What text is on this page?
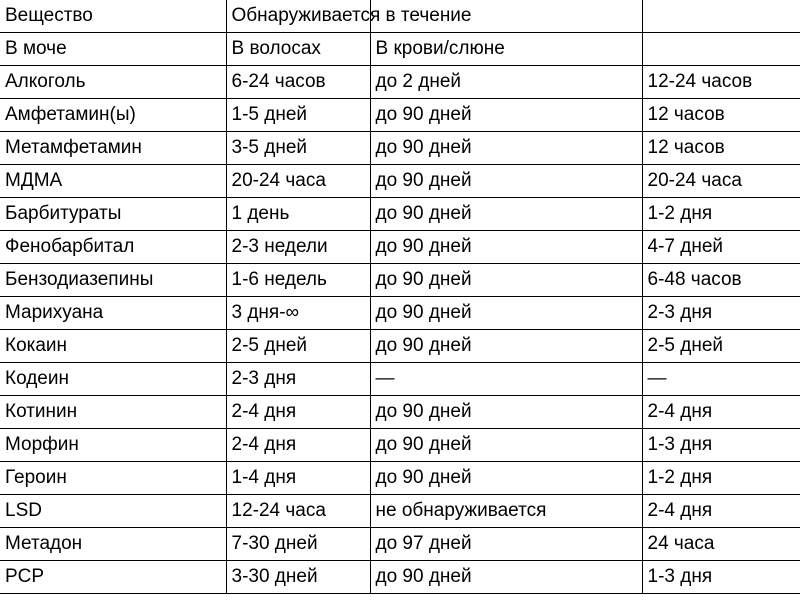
Вещество	Обнаруживается в течение		
В моче	В волосах	В крови/слюне	
Алкоголь	6-24 часов	до 2 дней	12-24 часов
Амфетамин(ы)	1-5 дней	до 90 дней	12 часов
Метамфетамин	3-5 дней	до 90 дней	12 часов
МДМА	20-24 часа	до 90 дней	20-24 часа
Барбитураты	1 день	до 90 дней	1-2 дня
Фенобарбитал	2-3 недели	до 90 дней	4-7 дней
Бензодиазепины	1-6 недель	до 90 дней	6-48 часов
Марихуана	3 дня-∞	до 90 дней	2-3 дня
Кокаин	2-5 дней	до 90 дней	2-5 дней
Кодеин	2-3 дня	—	—
Котинин	2-4 дня	до 90 дней	2-4 дня
Морфин	2-4 дня	до 90 дней	1-3 дня
Героин	1-4 дня	до 90 дней	1-2 дня
LSD	12-24 часа	не обнаруживается	2-4 дня
Метадон	7-30 дней	до 97 дней	24 часа
PCP	3-30 дней	до 90 дней	1-3 дня
